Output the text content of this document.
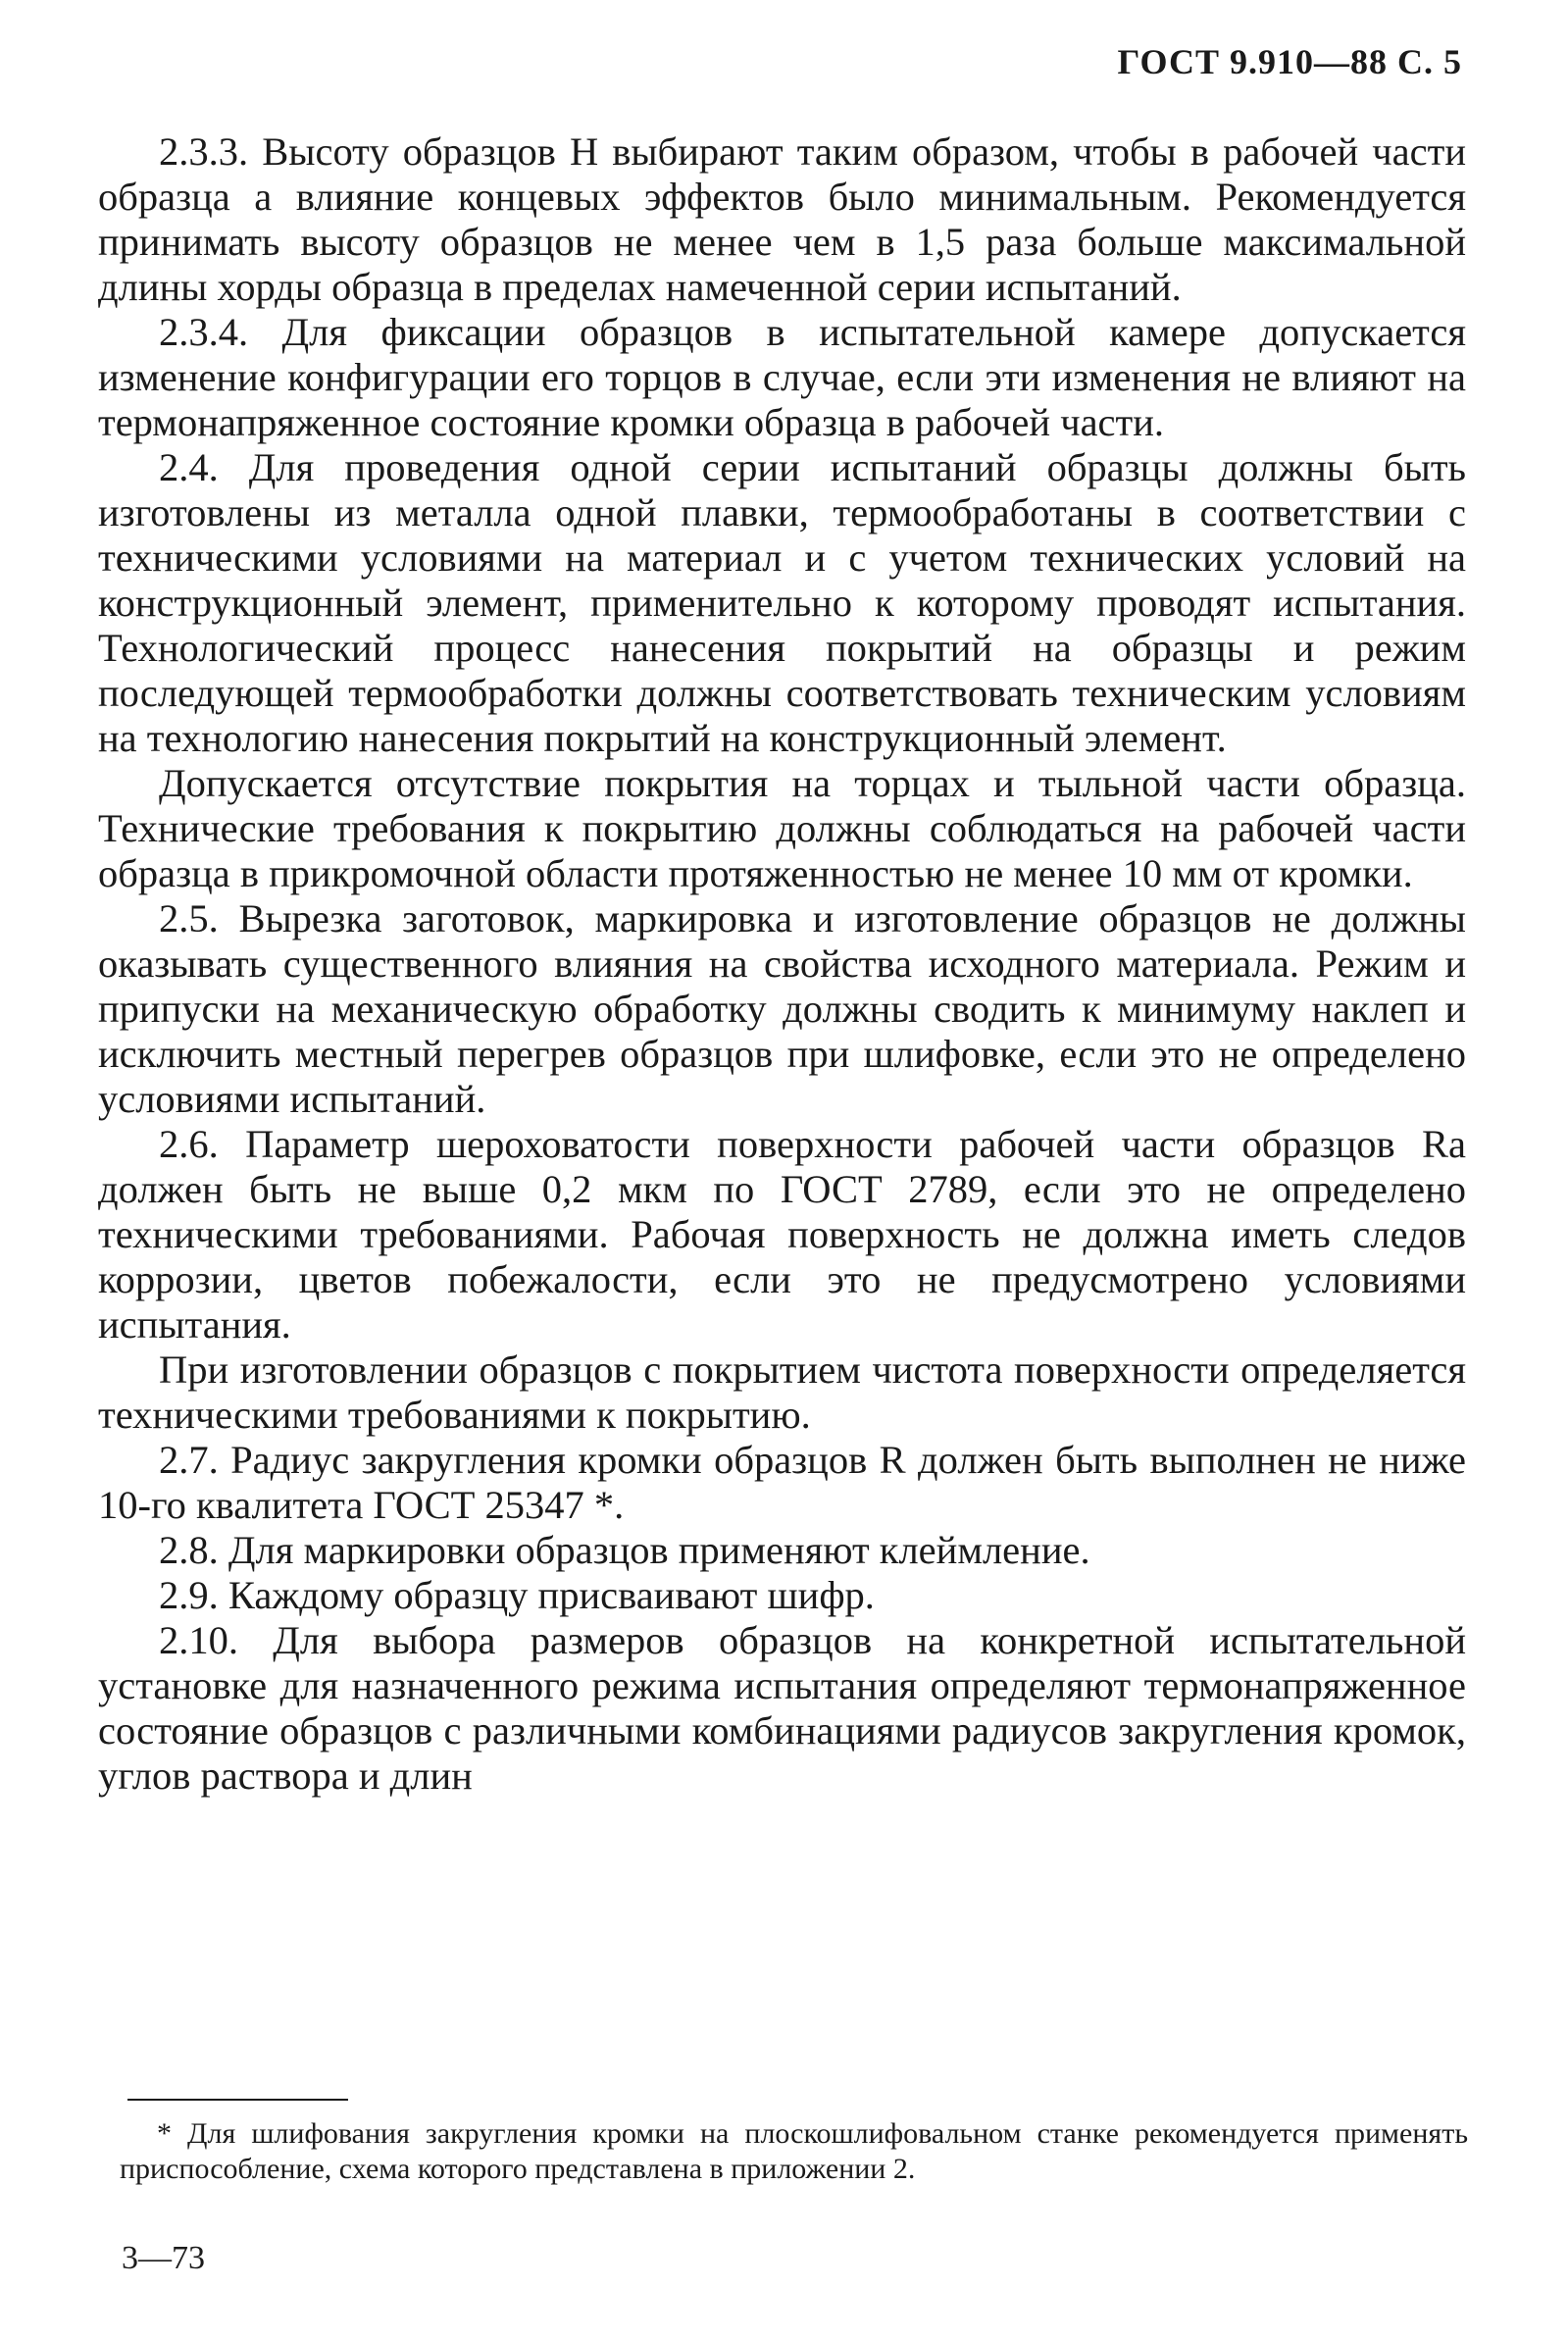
ГОСТ 9.910—88 С. 5

2.3.3. Высоту образцов H выбирают таким образом, чтобы в рабочей части образца a влияние концевых эффектов было минимальным. Рекомендуется принимать высоту образцов не менее чем в 1,5 раза больше максимальной длины хорды образца в пределах намеченной серии испытаний.

2.3.4. Для фиксации образцов в испытательной камере допускается изменение конфигурации его торцов в случае, если эти изменения не влияют на термонапряженное состояние кромки образца в рабочей части.

2.4. Для проведения одной серии испытаний образцы должны быть изготовлены из металла одной плавки, термообработаны в соответствии с техническими условиями на материал и с учетом технических условий на конструкционный элемент, применительно к которому проводят испытания. Технологический процесс нанесения покрытий на образцы и режим последующей термообработки должны соответствовать техническим условиям на технологию нанесения покрытий на конструкционный элемент.

Допускается отсутствие покрытия на торцах и тыльной части образца. Технические требования к покрытию должны соблюдаться на рабочей части образца в прикромочной области протяженностью не менее 10 мм от кромки.

2.5. Вырезка заготовок, маркировка и изготовление образцов не должны оказывать существенного влияния на свойства исходного материала. Режим и припуски на механическую обработку должны сводить к минимуму наклеп и исключить местный перегрев образцов при шлифовке, если это не определено условиями испытаний.

2.6. Параметр шероховатости поверхности рабочей части образцов Ra должен быть не выше 0,2 мкм по ГОСТ 2789, если это не определено техническими требованиями. Рабочая поверхность не должна иметь следов коррозии, цветов побежалости, если это не предусмотрено условиями испытания.

При изготовлении образцов с покрытием чистота поверхности определяется техническими требованиями к покрытию.

2.7. Радиус закругления кромки образцов R должен быть выполнен не ниже 10-го квалитета ГОСТ 25347 *.

2.8. Для маркировки образцов применяют клеймление.

2.9. Каждому образцу присваивают шифр.

2.10. Для выбора размеров образцов на конкретной испытательной установке для назначенного режима испытания определяют термонапряженное состояние образцов с различными комбинациями радиусов закругления кромок, углов раствора и длин

* Для шлифования закругления кромки на плоскошлифовальном станке рекомендуется применять приспособление, схема которого представлена в приложении 2.

3—73
